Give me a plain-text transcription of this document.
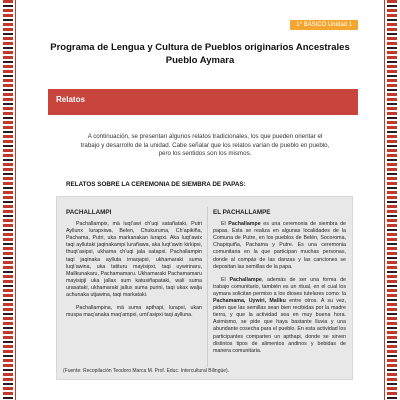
1° BÁSICO Unidad 1
Programa de Lengua y Cultura de Pueblos originarios Ancestrales
Pueblo Aymara
Relatos
A continuación, se presentan algunos relatos tradicionales, los que pueden orientar el trabajo y desarrollo de la unidad. Cabe señalar que los relatos varían de pueblo en pueblo, pero los sentidos son los mismos.
RELATOS SOBRE LA CEREMONIA DE SIEMBRA DE PAPAS:
PACHALLAMPI

Pachallampix, mä luqt’awi ch’uqi satañataki, Putri Ayllunx lurapxiwa, Belen, Chukuruma, Ch’apikiña, Pachama, Putri, uka markanakan lurapxi. Aka luqt’awix taqi ayllutaki jaqinakampi lurañawa, aka luqt’awin kirkipxi, thuqt’asipxi, ukhama ch’uqi jala satapxi. Pachallampin taqi jaqinaka aylluta irnaqapxi, ukhamaraki suma luqt’awina, uka tatituru mayisipxi, taqi uywirinaru, Mallkunakaru, Pachamamaru. Ukhamaraki Pachamamaru mayisipji uka jallax sum katusiñapataki, wali suma urasataki, ukhamaraki jallux suma purini, taqi ukax walja achunaka utjawina, taqi markataki.

Pachallampina, mä suma apthapi, lurapxi, ukan muspa maq’anaka maq’ampxi, umt’asipxi taqi ayllunа.

EL PACHALLAMPE

El Pachallampe es una ceremonia de siembra de papas. Esta se realiza en algunas localidades de la Comuna de Putre, en los pueblos de Belén, Socoroma, Chapiquiña, Pachama y Putre. Es una ceremonia comunitaria en la que participan muchas personas, donde al compás de las danzas y las canciones se depositan las semillas de la papa.

El Pachallampe, además de ser una forma de trabajo comunitario, también es un ritual, en el cual los aymara solicitan permiso a los dioses tutelares como: la Pachamama, Uywiri, Mallku entre otros. A su vez, piden que las semillas sean bien recibidas por la madre tierra, y que la actividad sea en muy buena hora. Asimismo, se pide que haya bastante lluvia y una abundante cosecha para el pueblo. En esta actividad los participantes comparten un apthapi, donde se sirven distintos tipos de alimentos andinos y bebidas de manera comunitaria.

(Fuente: Recopilación Teodoro Marca M. Prof. Educ. Intercultural Bilingüe).
